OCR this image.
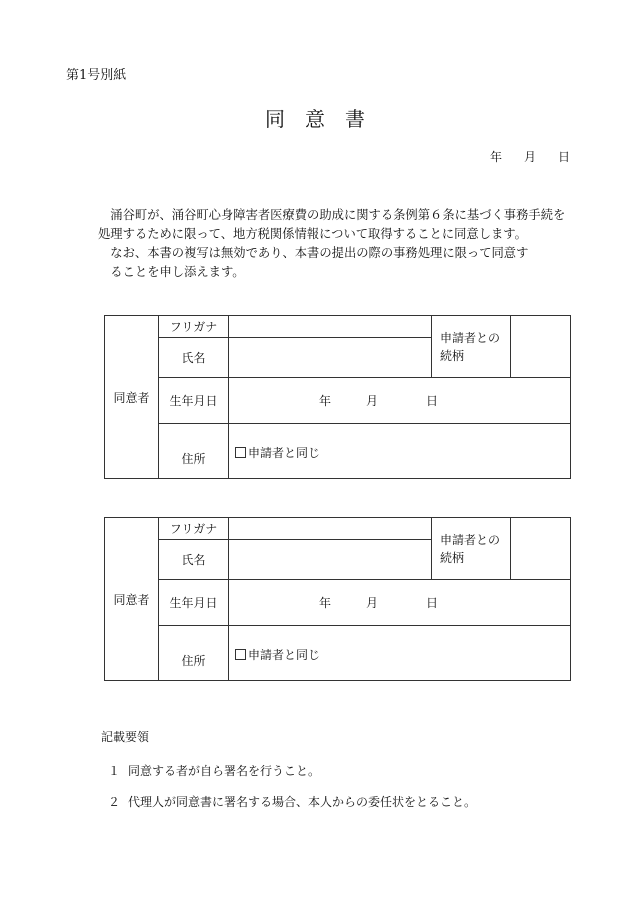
第1号別紙
同意書
年 月 日

涌谷町が、涌谷町心身障害者医療費の助成に関する条例第６条に基づく事務手続を処理するために限って、地方税関係情報について取得することに同意します。

なお、本書の複写は無効であり、本書の提出の際の事務処理に限って同意す

ることを申し添えます。

同意者	フリガナ		申請者との
続柄	
	氏名			
	生年月日	年 月 日		
	住所	申請者と同じ		
同意者	フリガナ		申請者との
続柄	
	氏名			
	生年月日	年 月 日		
	住所	申請者と同じ		
記載要領
１ 同意する者が自ら署名を行うこと。
２ 代理人が同意書に署名する場合、本人からの委任状をとること。
